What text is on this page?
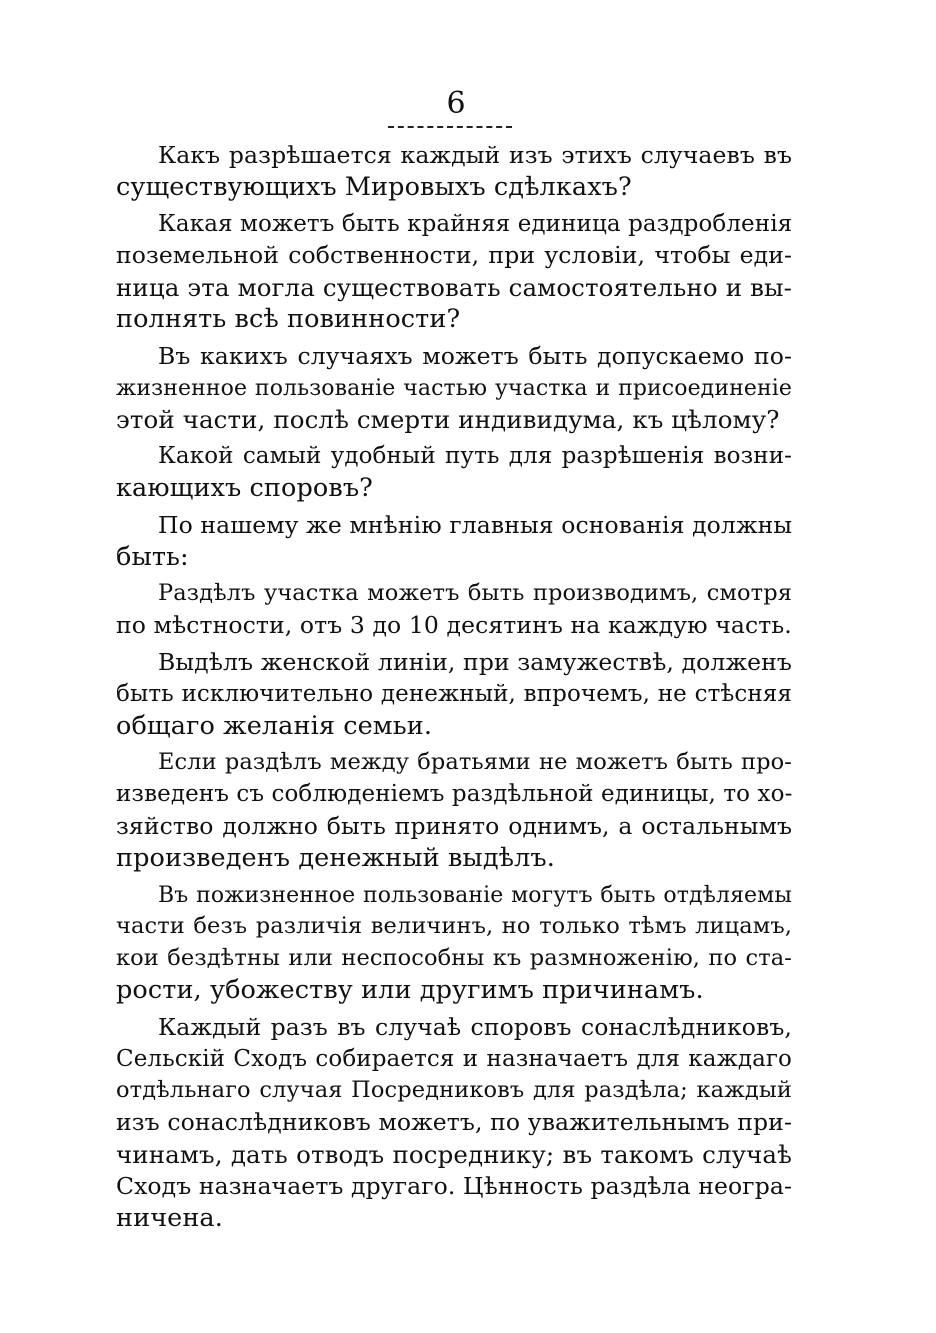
6

Какъ разрѣшается каждый изъ этихъ случаевъ въ
существующихъ Мировыхъ сдѣлкахъ?

Какая можетъ быть крайняя единица раздробленія
поземельной собственности, при условіи, чтобы еди-
ница эта могла существовать самостоятельно и вы-
полнять всѣ повинности?

Въ какихъ случаяхъ можетъ быть допускаемо по-
жизненное пользованіе частью участка и присоединеніе
этой части, послѣ смерти индивидума, къ цѣлому?

Какой самый удобный путь для разрѣшенія возни-
кающихъ споровъ?

По нашему же мнѣнію главныя основанія должны
быть:

Раздѣлъ участка можетъ быть производимъ, смотря
по мѣстности, отъ 3 до 10 десятинъ на каждую часть.

Выдѣлъ женской линіи, при замужествѣ, долженъ
быть исключительно денежный, впрочемъ, не стѣсняя
общаго желанія семьи.

Если раздѣлъ между братьями не можетъ быть про-
изведенъ съ соблюденіемъ раздѣльной единицы, то хо-
зяйство должно быть принято однимъ, а остальнымъ
произведенъ денежный выдѣлъ.

Въ пожизненное пользованіе могутъ быть отдѣляемы
части безъ различія величинъ, но только тѣмъ лицамъ,
кои бездѣтны или неспособны къ размноженію, по ста-
рости, убожеству или другимъ причинамъ.

Каждый разъ въ случаѣ споровъ сонаслѣдниковъ,
Сельскій Сходъ собирается и назначаетъ для каждаго
отдѣльнаго случая Посредниковъ для раздѣла; каждый
изъ сонаслѣдниковъ можетъ, по уважительнымъ при-
чинамъ, дать отводъ посреднику; въ такомъ случаѣ
Сходъ назначаетъ другаго. Цѣнность раздѣла неогра-
ничена.
